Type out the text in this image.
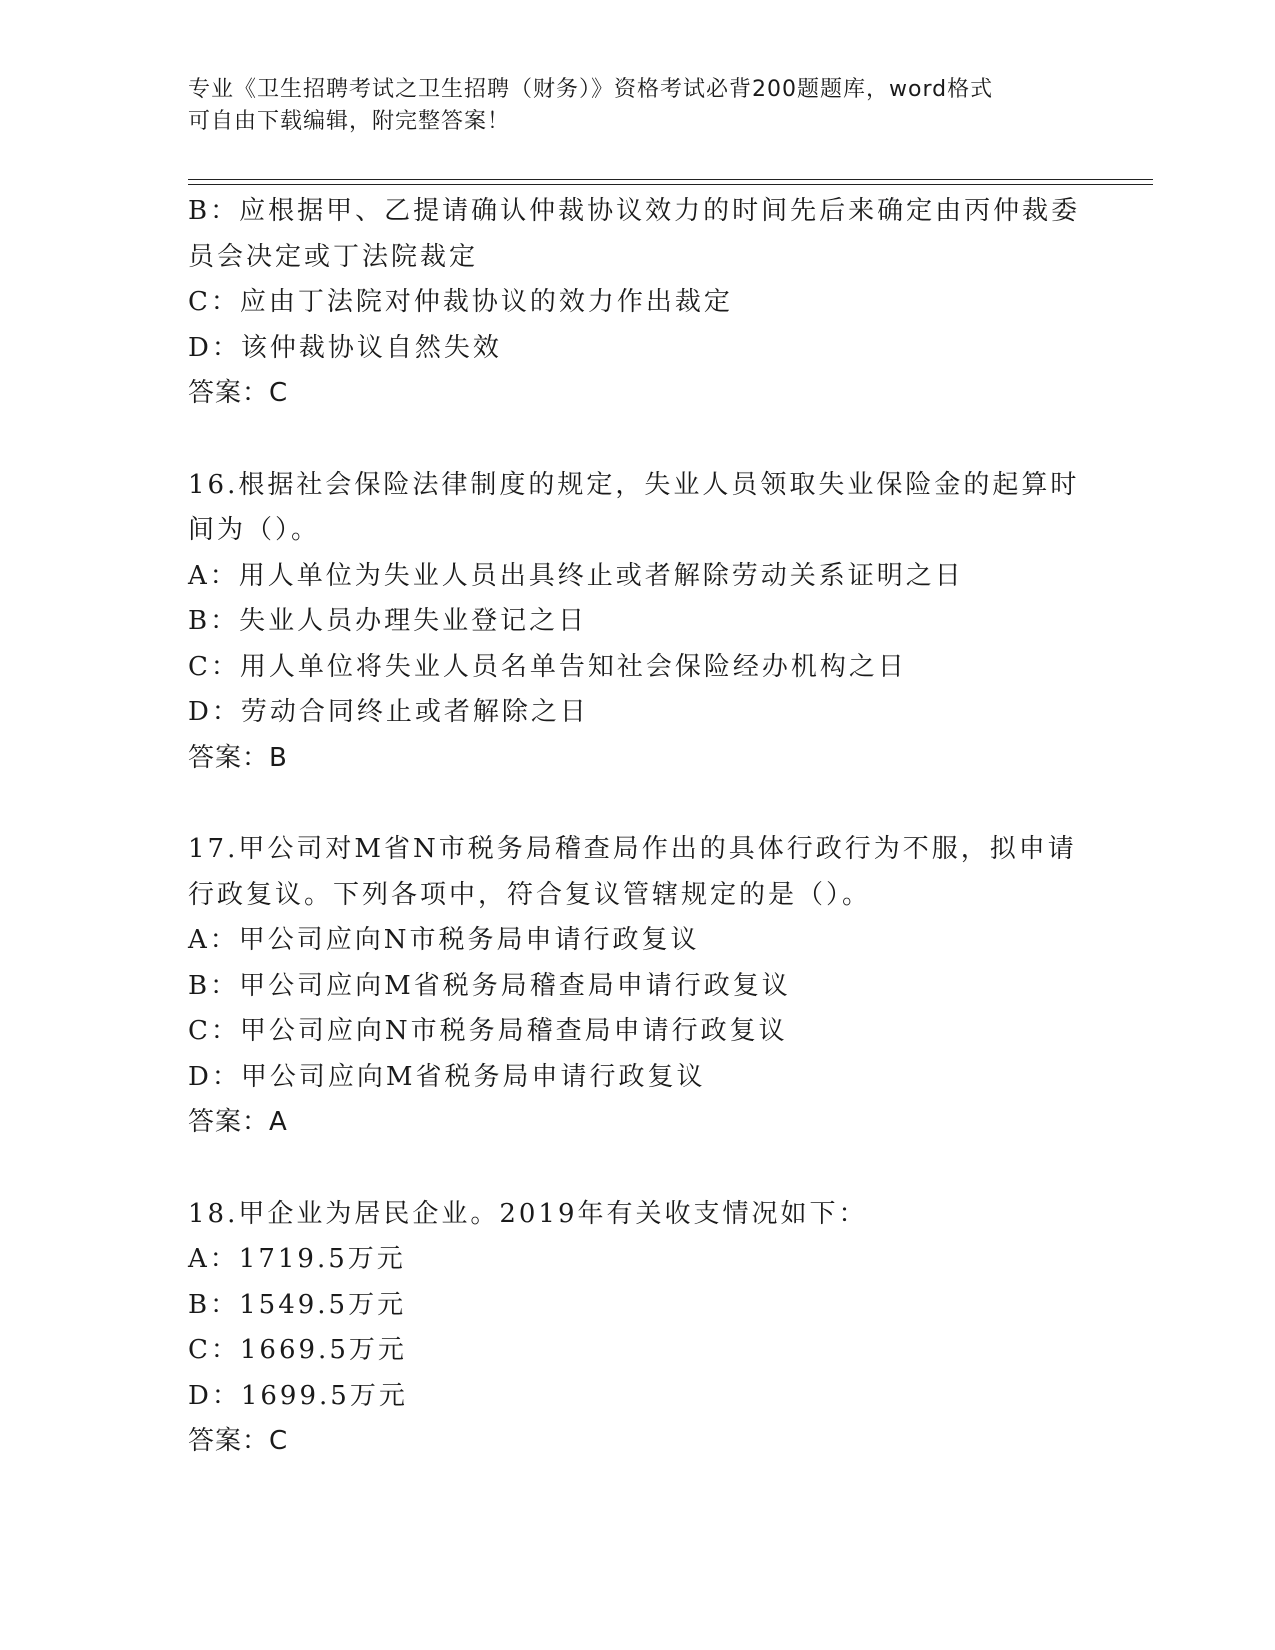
专业《卫生招聘考试之卫生招聘（财务）》资格考试必背200题题库，word格式
可自由下载编辑，附完整答案！
B：应根据甲、乙提请确认仲裁协议效力的时间先后来确定由丙仲裁委
员会决定或丁法院裁定
C：应由丁法院对仲裁协议的效力作出裁定
D：该仲裁协议自然失效
答案：C
16.根据社会保险法律制度的规定，失业人员领取失业保险金的起算时
间为（）。
A：用人单位为失业人员出具终止或者解除劳动关系证明之日
B：失业人员办理失业登记之日
C：用人单位将失业人员名单告知社会保险经办机构之日
D：劳动合同终止或者解除之日
答案：B
17.甲公司对M省N市税务局稽查局作出的具体行政行为不服，拟申请
行政复议。下列各项中，符合复议管辖规定的是（）。
A：甲公司应向N市税务局申请行政复议
B：甲公司应向M省税务局稽查局申请行政复议
C：甲公司应向N市税务局稽查局申请行政复议
D：甲公司应向M省税务局申请行政复议
答案：A
18.甲企业为居民企业。2019年有关收支情况如下：
A：1719.5万元
B：1549.5万元
C：1669.5万元
D：1699.5万元
答案：C
